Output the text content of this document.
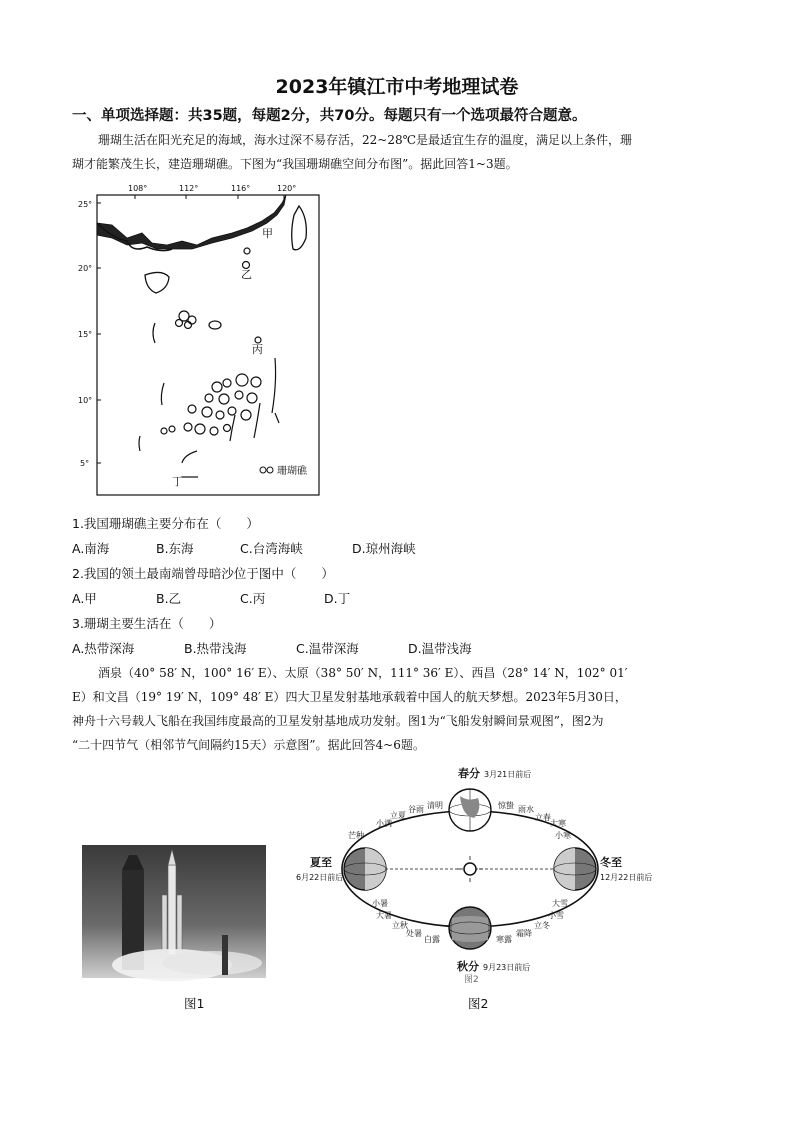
2023年镇江市中考地理试卷
一、单项选择题：共35题，每题2分，共70分。每题只有一个选项最符合题意。
珊瑚生活在阳光充足的海域，海水过深不易存活，22~28℃是最适宜生存的温度，满足以上条件，珊
瑚才能繁茂生长，建造珊瑚礁。下图为“我国珊瑚礁空间分布图”。据此回答1~3题。
108°	112°	116°	120°
25°
20°
15°
10°
5°
甲
乙
丙
丁
珊瑚礁
1.我国珊瑚礁主要分布在（　　）
A.南海	B.东海	C.台湾海峡	D.琼州海峡
2.我国的领土最南端曾母暗沙位于图中（　　）
A.甲	B.乙	C.丙	D.丁
3.珊瑚主要生活在（　　）
A.热带深海	B.热带浅海	C.温带深海	D.温带浅海
酒泉（40° 58′ N，100° 16′ E）、太原（38° 50′ N，111° 36′ E）、西昌（28° 14′ N，102° 01′
E）和文昌（19° 19′ N，109° 48′ E）四大卫星发射基地承载着中国人的航天梦想。2023年5月30日，
神舟十六号载人飞船在我国纬度最高的卫星发射基地成功发射。图1为“飞船发射瞬间景观图”，图2为
“二十四节气（相邻节气间隔约15天）示意图”。据此回答4~6题。
春分 3月21日前后
夏至
6月22日前后
冬至
12月22日前后
秋分 9月23日前后
立夏
谷雨 清明	惊蛰 雨水
立春
小满
芒种
小暑
大暑
大寒
小寒
大雪
小雪
立秋
处暑
白露	寒露
霜降
立冬
图2
图1	图2
